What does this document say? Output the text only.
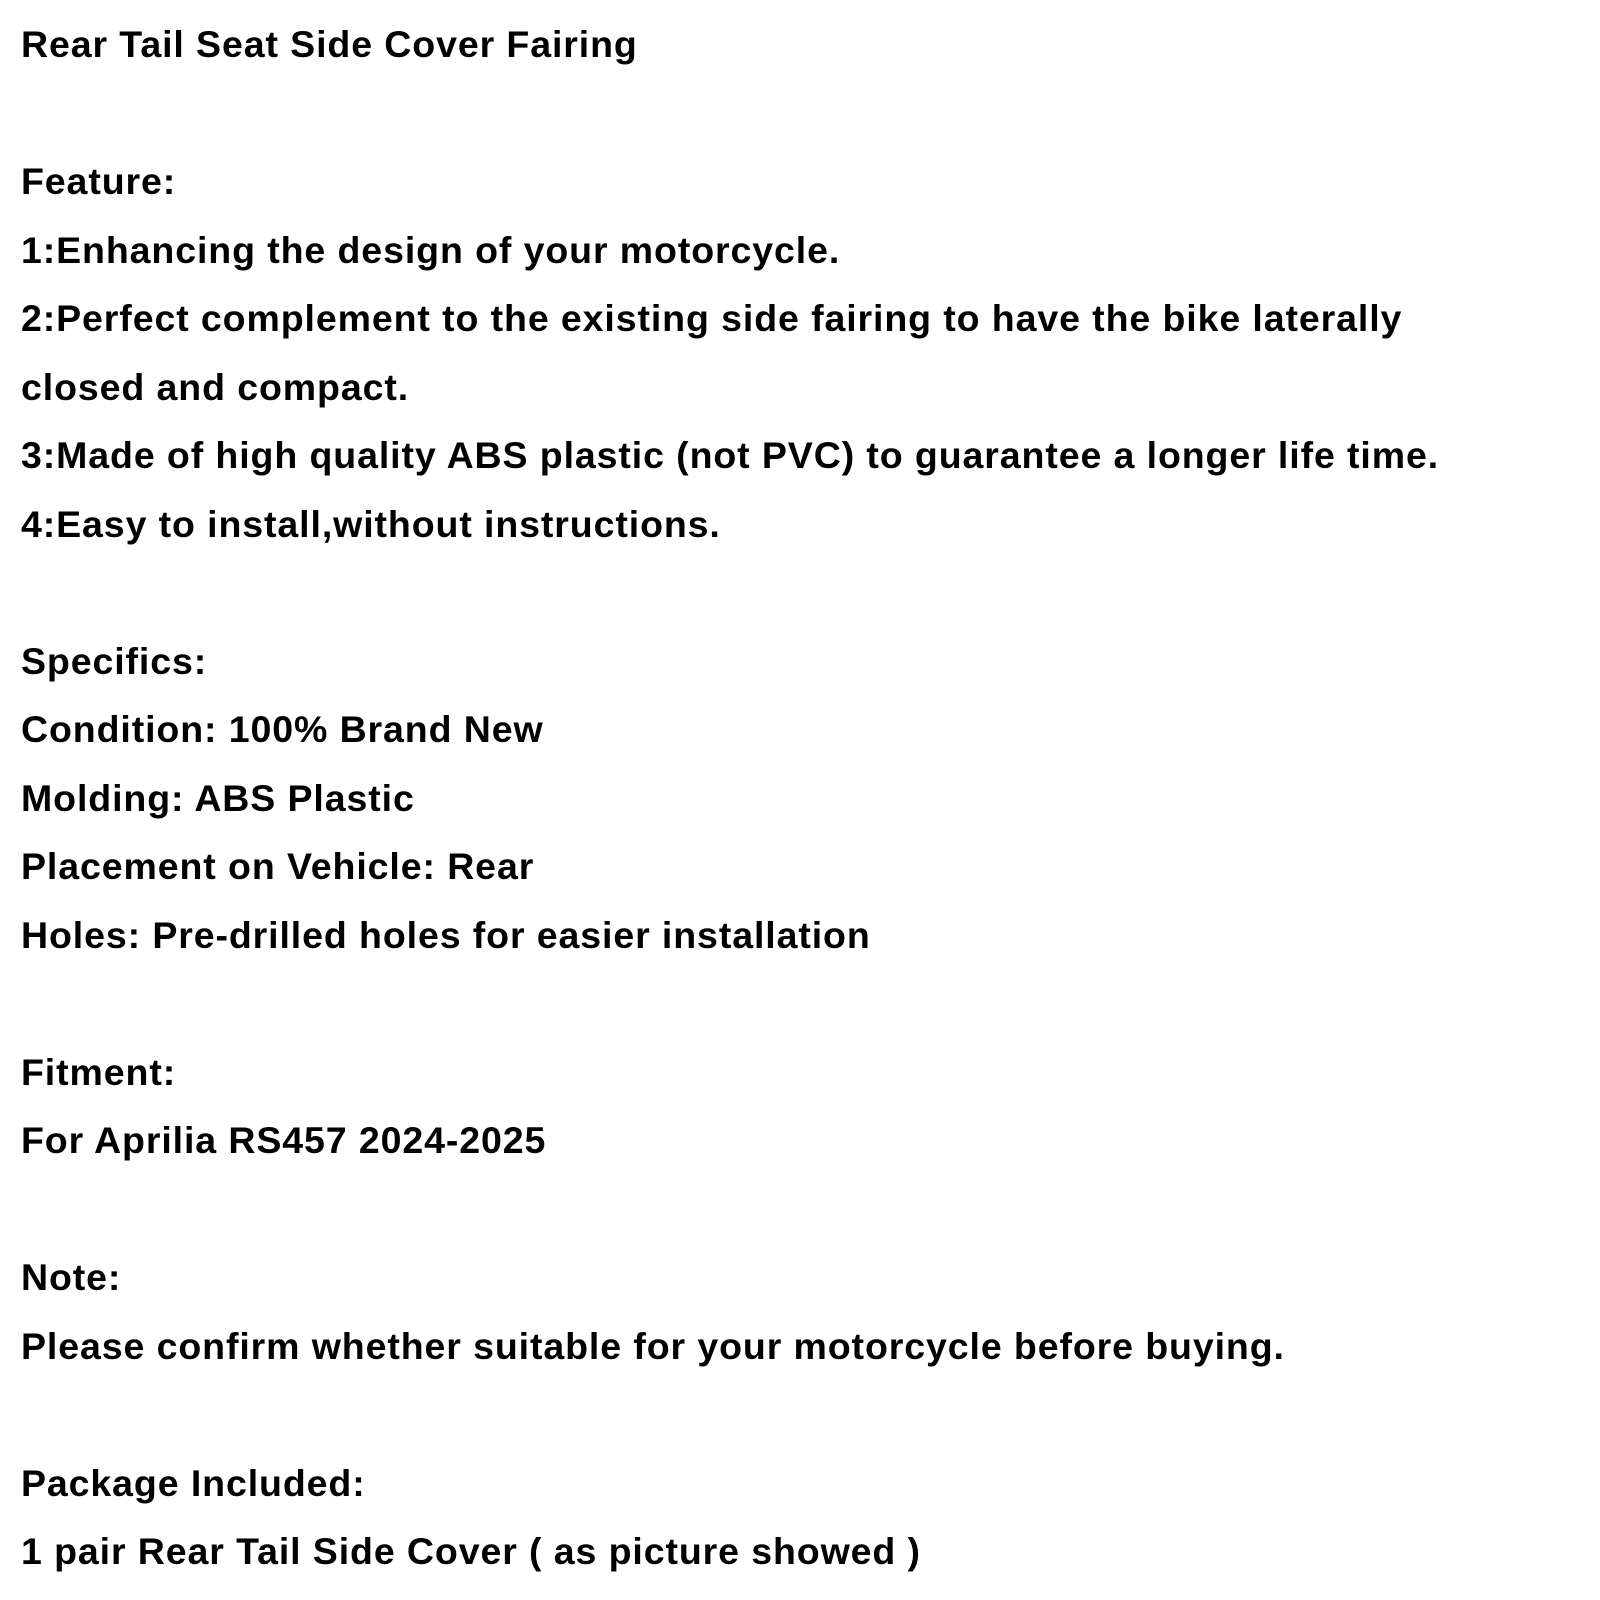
Rear Tail Seat Side Cover Fairing
Feature:
1:Enhancing the design of your motorcycle.
2:Perfect complement to the existing side fairing to have the bike laterally
closed and compact.
3:Made of high quality ABS plastic (not PVC) to guarantee a longer life time.
4:Easy to install,without instructions.
Specifics:
Condition: 100% Brand New
Molding: ABS Plastic
Placement on Vehicle: Rear
Holes: Pre-drilled holes for easier installation
Fitment:
For Aprilia RS457 2024-2025
Note:
Please confirm whether suitable for your motorcycle before buying.
Package Included:
1 pair Rear Tail Side Cover ( as picture showed )
